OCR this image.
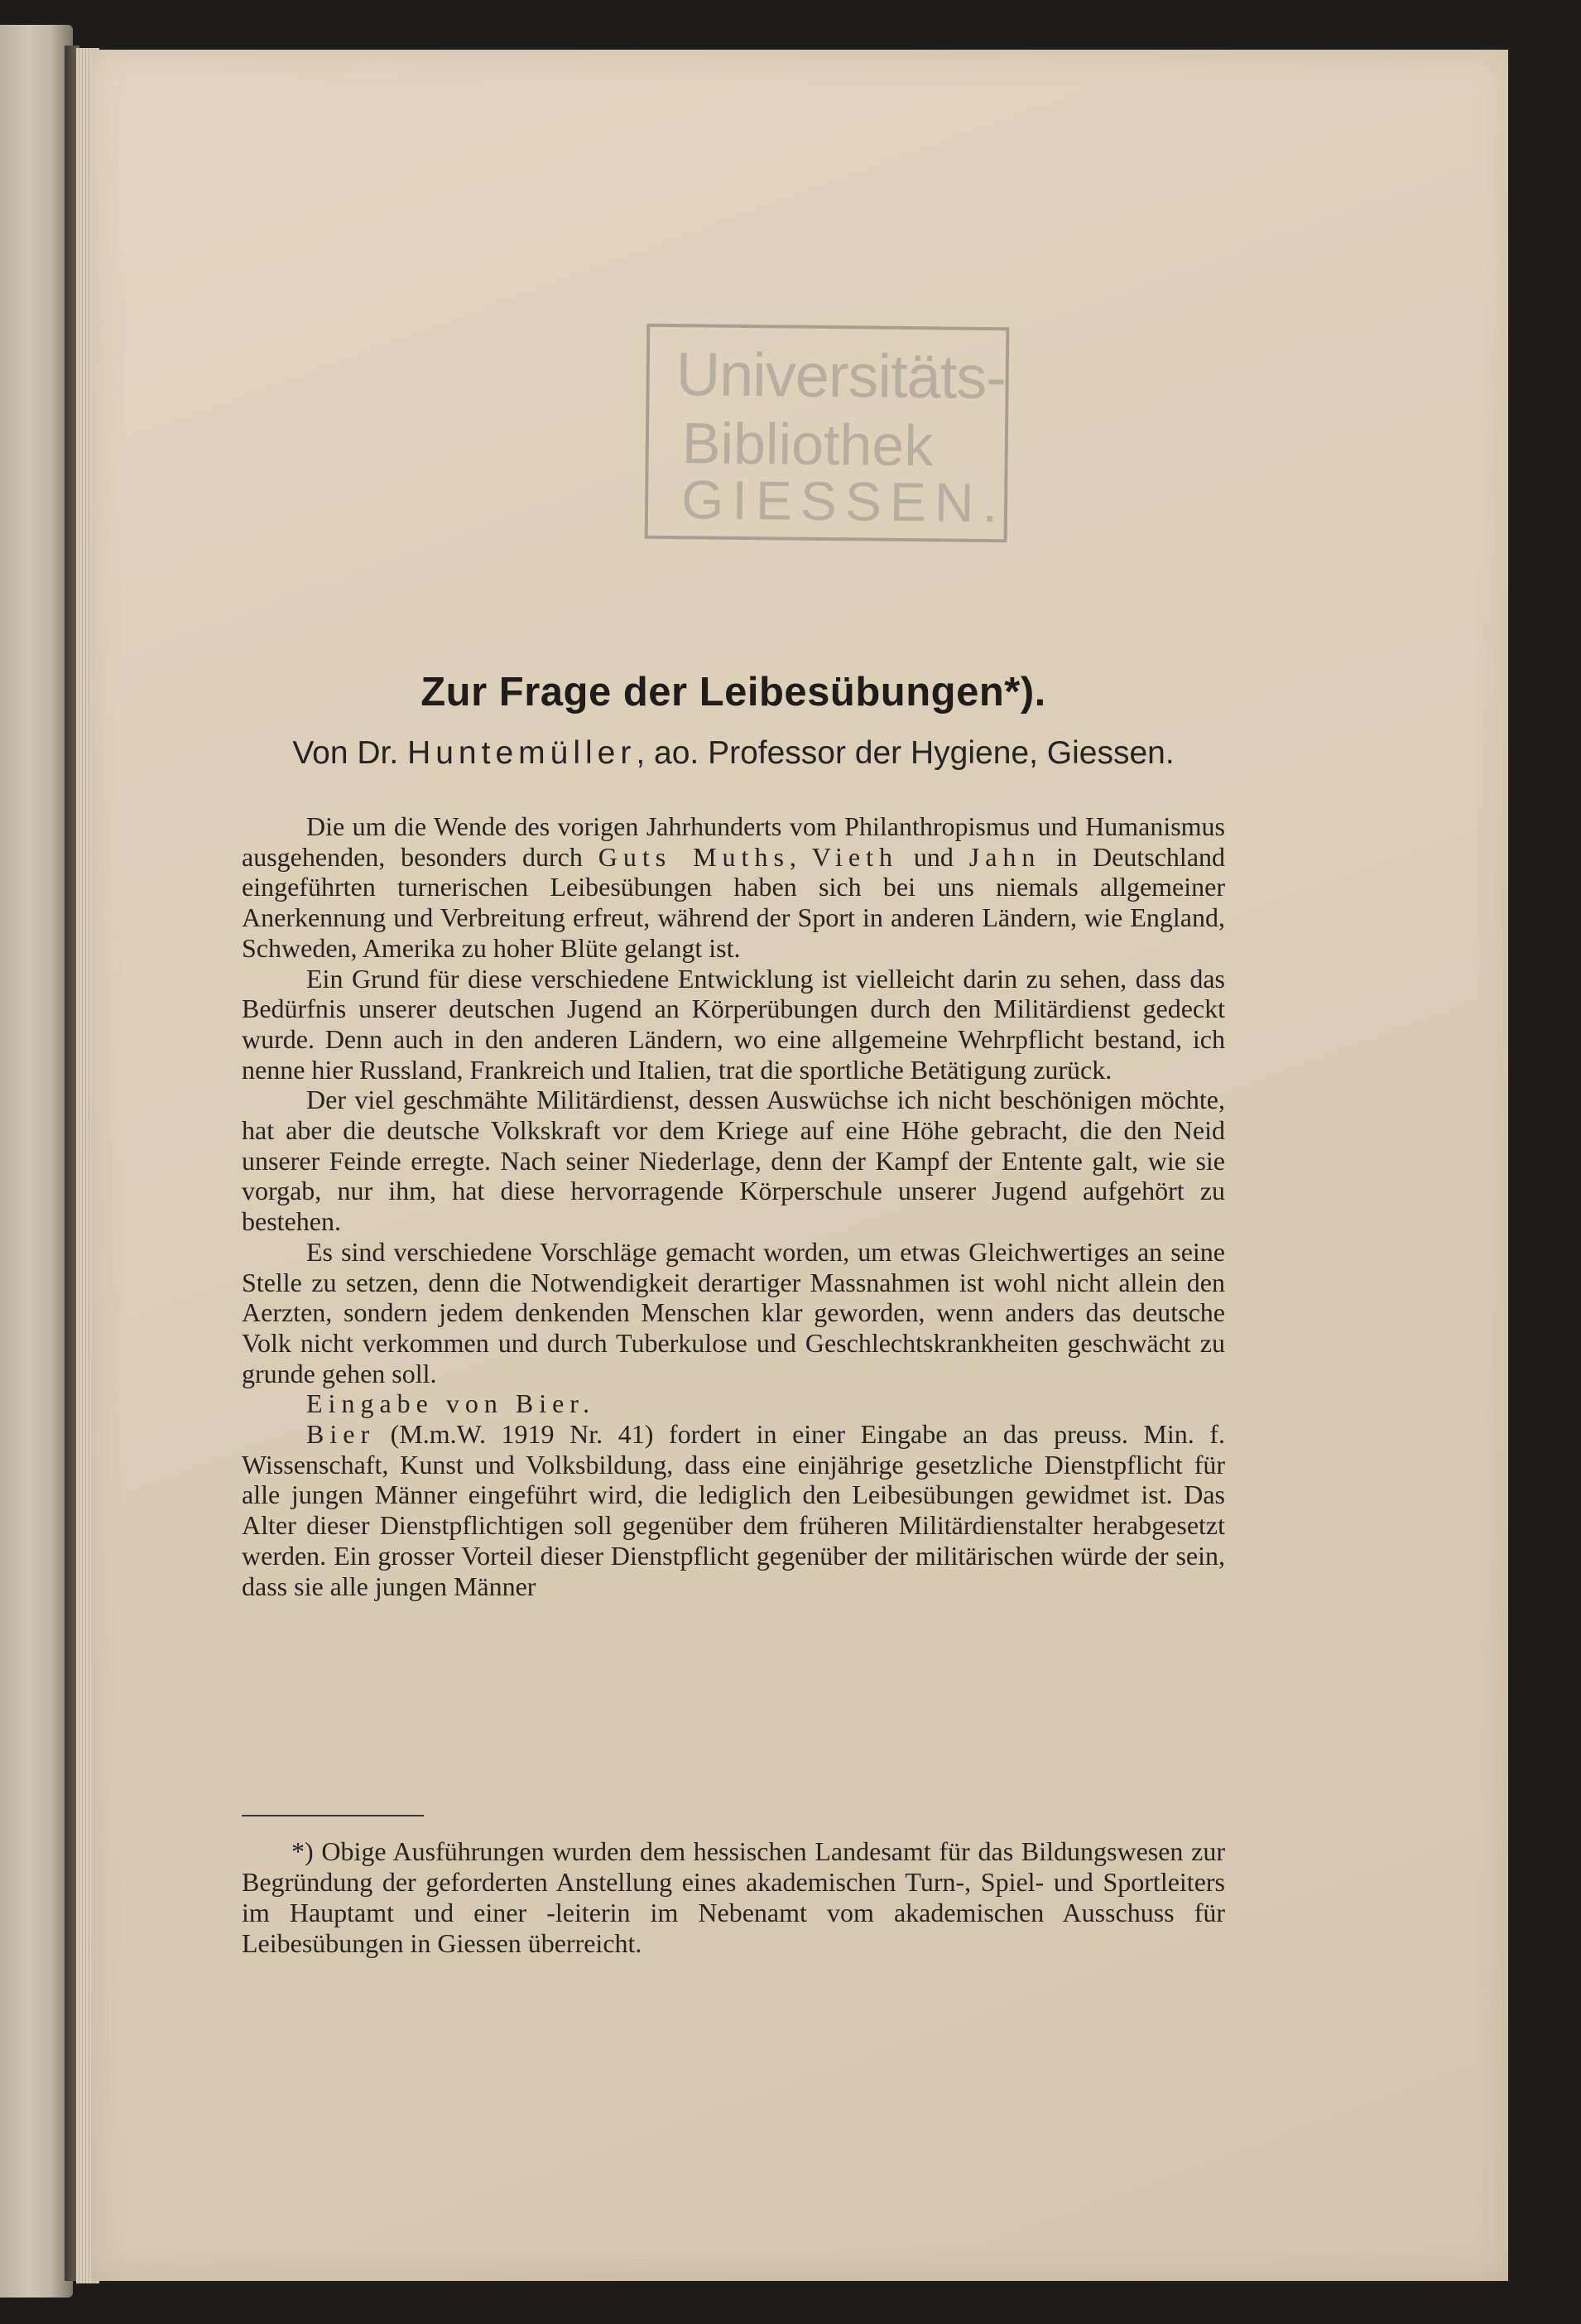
Universitäts-
Bibliothek
GIESSEN.
Zur Frage der Leibesübungen*).
Von Dr. Huntemüller, ao. Professor der Hygiene, Giessen.

Die um die Wende des vorigen Jahrhunderts vom Philanthropismus und Humanismus ausgehenden, besonders durch Guts Muths, Vieth und Jahn in Deutschland eingeführten turnerischen Leibesübungen haben sich bei uns niemals allgemeiner Anerkennung und Verbreitung erfreut, während der Sport in anderen Ländern, wie England, Schweden, Amerika zu hoher Blüte gelangt ist.

Ein Grund für diese verschiedene Entwicklung ist vielleicht darin zu sehen, dass das Bedürfnis unserer deutschen Jugend an Körperübungen durch den Militärdienst gedeckt wurde. Denn auch in den anderen Ländern, wo eine allgemeine Wehrpflicht bestand, ich nenne hier Russland, Frankreich und Italien, trat die sportliche Betätigung zurück.

Der viel geschmähte Militärdienst, dessen Auswüchse ich nicht beschönigen möchte, hat aber die deutsche Volkskraft vor dem Kriege auf eine Höhe gebracht, die den Neid unserer Feinde erregte. Nach seiner Niederlage, denn der Kampf der Entente galt, wie sie vorgab, nur ihm, hat diese hervorragende Körperschule unserer Jugend aufgehört zu bestehen.

Es sind verschiedene Vorschläge gemacht worden, um etwas Gleichwertiges an seine Stelle zu setzen, denn die Notwendigkeit derartiger Massnahmen ist wohl nicht allein den Aerzten, sondern jedem denkenden Menschen klar geworden, wenn anders das deutsche Volk nicht verkommen und durch Tuberkulose und Geschlechtskrankheiten geschwächt zu grunde gehen soll.

Eingabe von Bier.

Bier (M.m.W. 1919 Nr. 41) fordert in einer Eingabe an das preuss. Min. f. Wissenschaft, Kunst und Volksbildung, dass eine einjährige gesetzliche Dienstpflicht für alle jungen Männer eingeführt wird, die lediglich den Leibesübungen gewidmet ist. Das Alter dieser Dienstpflichtigen soll gegenüber dem früheren Militärdienstalter herabgesetzt werden. Ein grosser Vorteil dieser Dienstpflicht gegenüber der militärischen würde der sein, dass sie alle jungen Männer

*) Obige Ausführungen wurden dem hessischen Landesamt für das Bildungswesen zur Begründung der geforderten Anstellung eines akademischen Turn-, Spiel- und Sportleiters im Hauptamt und einer -leiterin im Nebenamt vom akademischen Ausschuss für Leibesübungen in Giessen überreicht.
